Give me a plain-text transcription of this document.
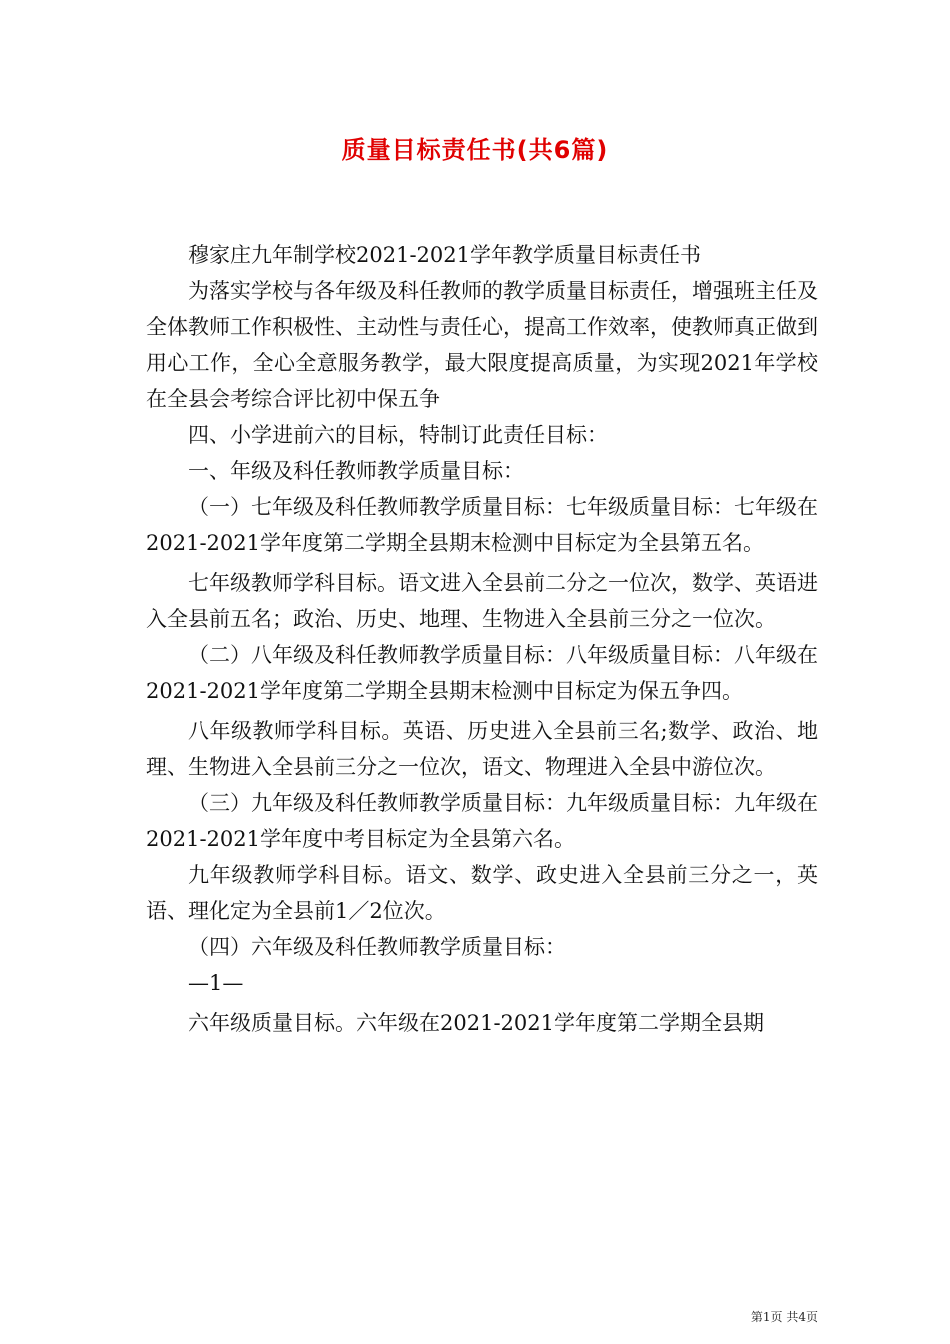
质量目标责任书(共6篇)

穆家庄九年制学校2021-2021学年教学质量目标责任书

为落实学校与各年级及科任教师的教学质量目标责任，增强班主任及全体教师工作积极性、主动性与责任心，提高工作效率，使教师真正做到用心工作，全心全意服务教学，最大限度提高质量，为实现2021年学校在全县会考综合评比初中保五争

四、小学进前六的目标，特制订此责任目标：

一、年级及科任教师教学质量目标：

（一）七年级及科任教师教学质量目标：七年级质量目标：七年级在2021-2021学年度第二学期全县期末检测中目标定为全县第五名。

七年级教师学科目标。语文进入全县前二分之一位次，数学、英语进入全县前五名；政治、历史、地理、生物进入全县前三分之一位次。

（二）八年级及科任教师教学质量目标：八年级质量目标：八年级在2021-2021学年度第二学期全县期末检测中目标定为保五争四。

八年级教师学科目标。英语、历史进入全县前三名;数学、政治、地理、生物进入全县前三分之一位次，语文、物理进入全县中游位次。

（三）九年级及科任教师教学质量目标：九年级质量目标：九年级在2021-2021学年度中考目标定为全县第六名。

九年级教师学科目标。语文、数学、政史进入全县前三分之一，英语、理化定为全县前1／2位次。

（四）六年级及科任教师教学质量目标：

—1—

六年级质量目标。六年级在2021-2021学年度第二学期全县期

第1页 共4页
